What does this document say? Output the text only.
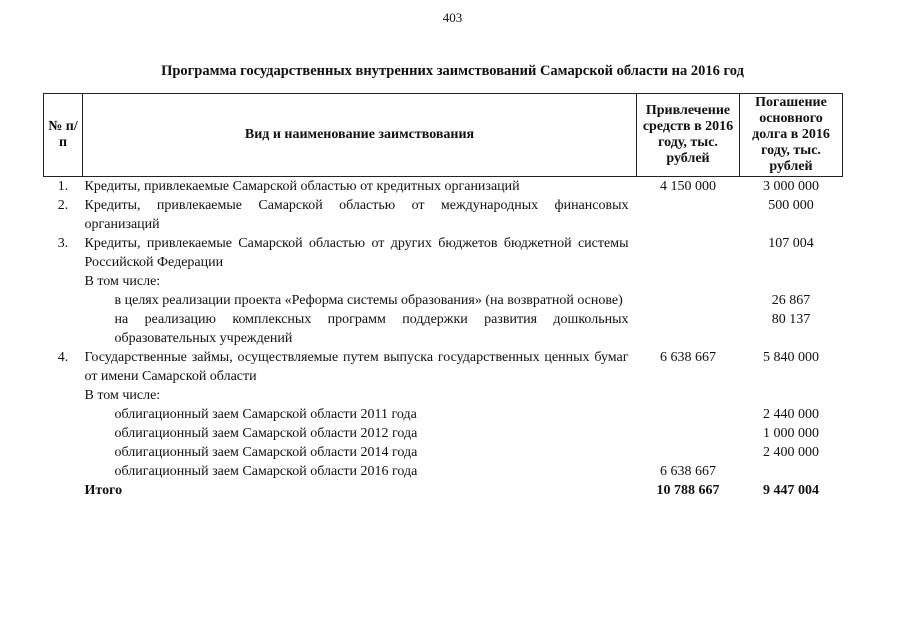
403
Программа государственных внутренних заимствований Самарской области на 2016 год
№ п/п	Вид и наименование заимствования	Привлечение средств в 2016 году, тыс. рублей	Погашение основного долга в 2016 году, тыс. рублей
1.	Кредиты, привлекаемые Самарской областью от кредитных организаций	4 150 000	3 000 000
2.	Кредиты, привлекаемые Самарской областью от международных финансовых организаций		500 000
3.	Кредиты, привлекаемые Самарской областью от других бюджетов бюджетной системы Российской Федерации		107 004
	В том числе:		
	в целях реализации проекта «Реформа системы образования» (на возвратной основе)		26 867
	на реализацию комплексных программ поддержки развития дошкольных образовательных учреждений		80 137
4.	Государственные займы, осуществляемые путем выпуска государственных ценных бумаг от имени Самарской области	6 638 667	5 840 000
	В том числе:		
	облигационный заем Самарской области 2011 года		2 440 000
	облигационный заем Самарской области 2012 года		1 000 000
	облигационный заем Самарской области 2014 года		2 400 000
	облигационный заем Самарской области 2016 года	6 638 667	
	Итого	10 788 667	9 447 004
